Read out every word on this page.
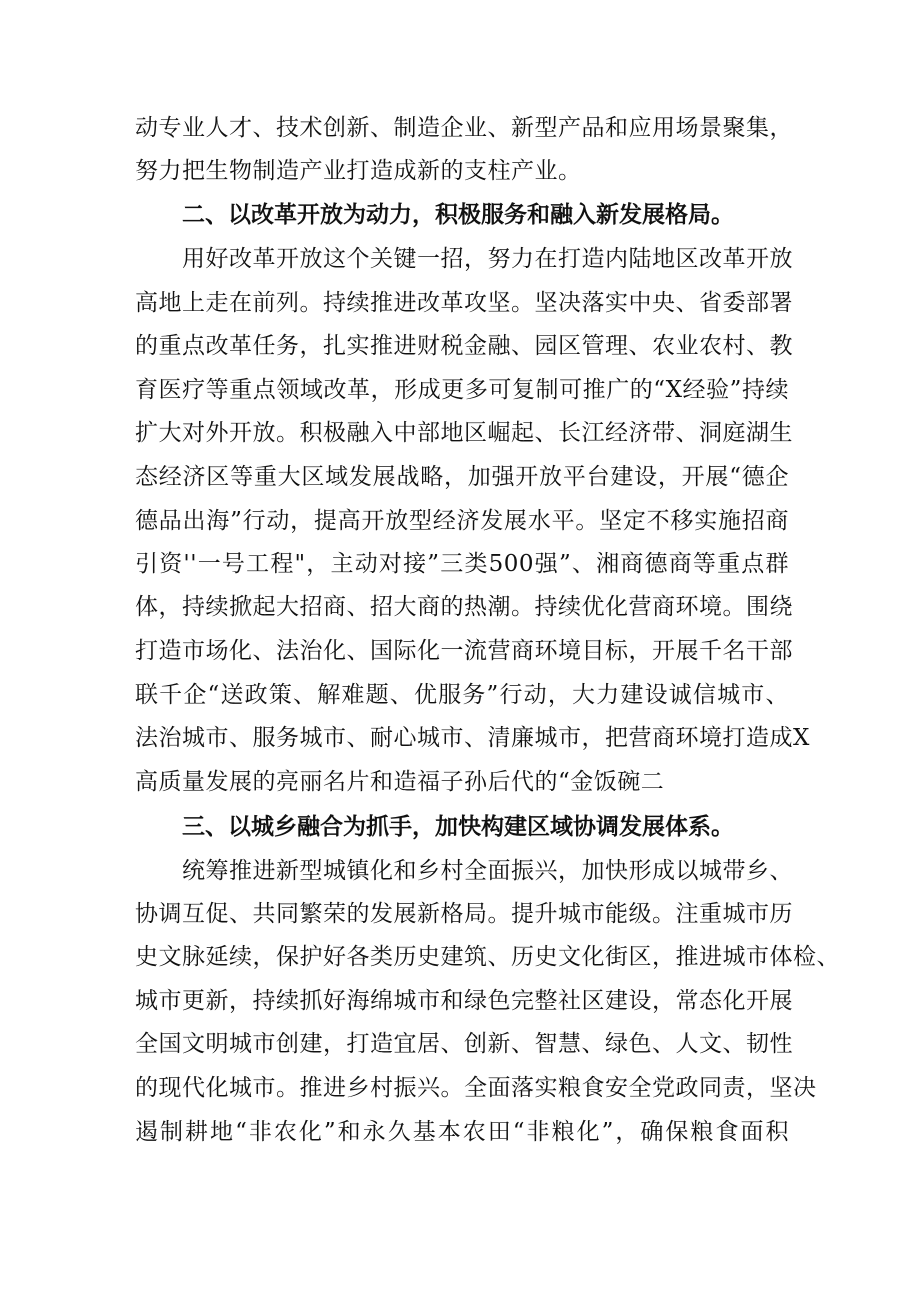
动专业人才、技术创新、制造企业、新型产品和应用场景聚集，
努力把生物制造产业打造成新的支柱产业。
二、以改革开放为动力，积极服务和融入新发展格局。
用好改革开放这个关键一招，努力在打造内陆地区改革开放
高地上走在前列。持续推进改革攻坚。坚决落实中央、省委部署
的重点改革任务，扎实推进财税金融、园区管理、农业农村、教
育医疗等重点领域改革，形成更多可复制可推广的“X经验”持续
扩大对外开放。积极融入中部地区崛起、长江经济带、洞庭湖生
态经济区等重大区域发展战略，加强开放平台建设，开展“德企
德品出海”行动，提高开放型经济发展水平。坚定不移实施招商
引资''一号工程"，主动对接”三类500强”、湘商德商等重点群
体，持续掀起大招商、招大商的热潮。持续优化营商环境。围绕
打造市场化、法治化、国际化一流营商环境目标，开展千名干部
联千企“送政策、解难题、优服务”行动，大力建设诚信城市、
法治城市、服务城市、耐心城市、清廉城市，把营商环境打造成X
高质量发展的亮丽名片和造福子孙后代的“金饭碗二
三、以城乡融合为抓手，加快构建区域协调发展体系。
统筹推进新型城镇化和乡村全面振兴，加快形成以城带乡、
协调互促、共同繁荣的发展新格局。提升城市能级。注重城市历
史文脉延续，保护好各类历史建筑、历史文化街区，推进城市体检、
城市更新，持续抓好海绵城市和绿色完整社区建设，常态化开展
全国文明城市创建，打造宜居、创新、智慧、绿色、人文、韧性
的现代化城市。推进乡村振兴。全面落实粮食安全党政同责，坚决
遏制耕地“非农化”和永久基本农田“非粮化”，确保粮食面积
